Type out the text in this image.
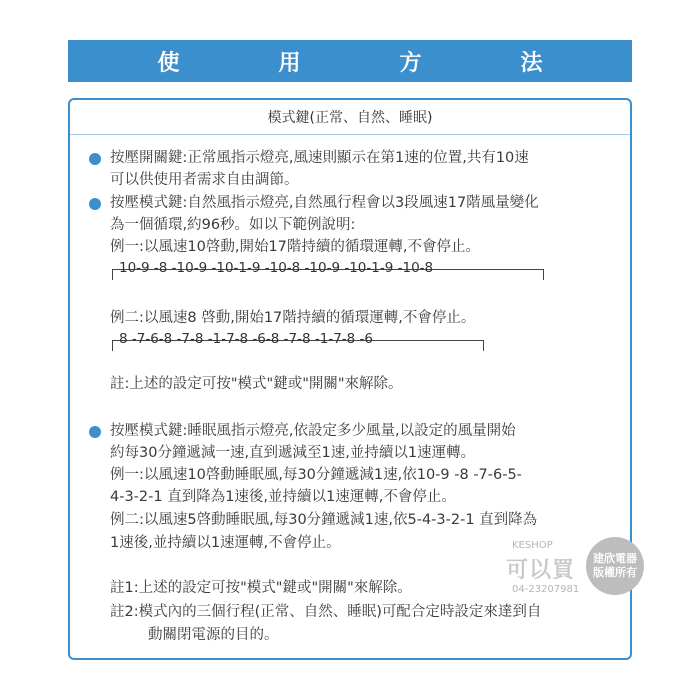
使	用	方	法
模式鍵(正常、自然、睡眠)
按壓開關鍵:正常風指示燈亮,風速則顯示在第1速的位置,共有10速
可以供使用者需求自由調節。
按壓模式鍵:自然風指示燈亮,自然風行程會以3段風速17階風量變化
為一個循環,約96秒。如以下範例說明:
例一:以風速10啓動,開始17階持續的循環運轉,不會停止。
10-9 -8 -10-9 -10-1-9 -10-8 -10-9 -10-1-9 -10-8
例二:以風速8 啓動,開始17階持續的循環運轉,不會停止。
8 -7-6-8 -7-8 -1-7-8 -6-8 -7-8 -1-7-8 -6
註:上述的設定可按"模式"鍵或"開關"來解除。
按壓模式鍵:睡眠風指示燈亮,依設定多少風量,以設定的風量開始
約每30分鐘遞減一速,直到遞減至1速,並持續以1速運轉。
例一:以風速10啓動睡眠風,每30分鐘遞減1速,依10-9 -8 -7-6-5-
4-3-2-1 直到降為1速後,並持續以1速運轉,不會停止。
例二:以風速5啓動睡眠風,每30分鐘遞減1速,依5-4-3-2-1 直到降為
1速後,並持續以1速運轉,不會停止。
註1:上述的設定可按"模式"鍵或"開關"來解除。
註2:模式內的三個行程(正常、自然、睡眠)可配合定時設定來達到自
動關閉電源的目的。
KESHOP
可以買
04-23207981
建欣電器
版權所有
